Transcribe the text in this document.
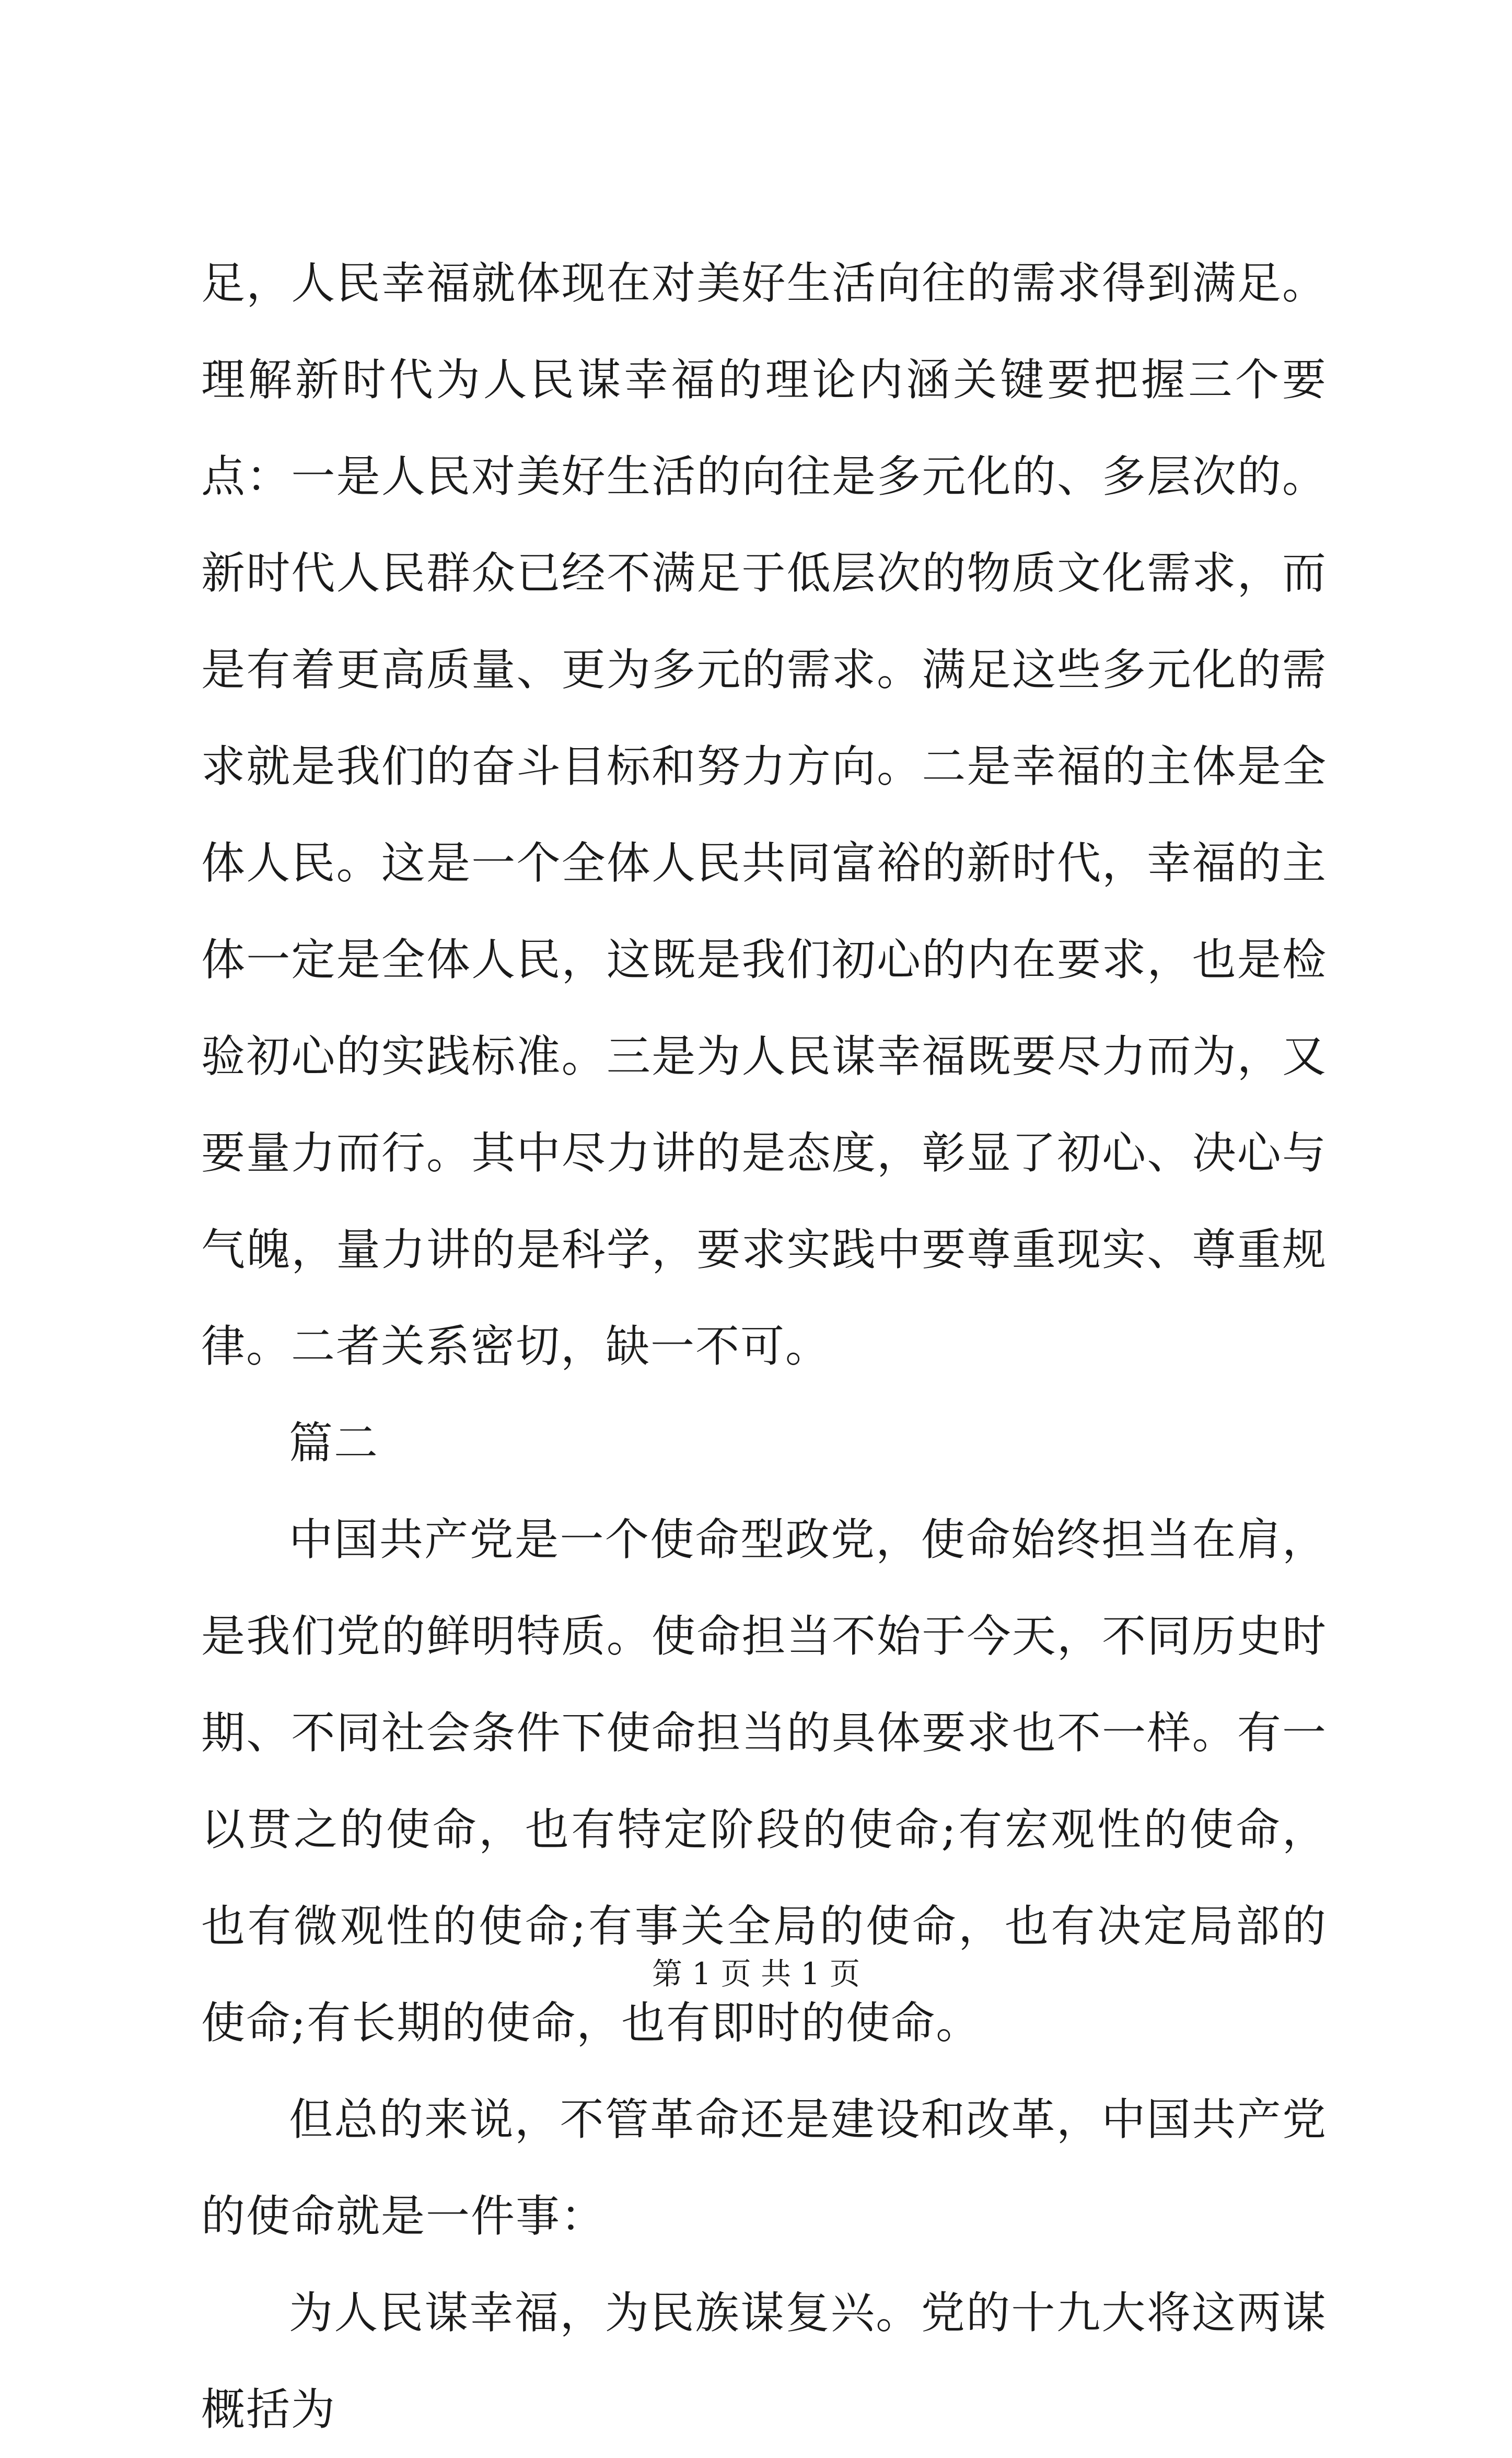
足，人民幸福就体现在对美好生活向往的需求得到满足。理解新时代为人民谋幸福的理论内涵关键要把握三个要点：一是人民对美好生活的向往是多元化的、多层次的。新时代人民群众已经不满足于低层次的物质文化需求，而是有着更高质量、更为多元的需求。满足这些多元化的需求就是我们的奋斗目标和努力方向。二是幸福的主体是全体人民。这是一个全体人民共同富裕的新时代，幸福的主体一定是全体人民，这既是我们初心的内在要求，也是检验初心的实践标准。三是为人民谋幸福既要尽力而为，又要量力而行。其中尽力讲的是态度，彰显了初心、决心与气魄，量力讲的是科学，要求实践中要尊重现实、尊重规律。二者关系密切，缺一不可。

篇二

中国共产党是一个使命型政党，使命始终担当在肩，是我们党的鲜明特质。使命担当不始于今天，不同历史时期、不同社会条件下使命担当的具体要求也不一样。有一以贯之的使命，也有特定阶段的使命;有宏观性的使命，也有微观性的使命;有事关全局的使命，也有决定局部的使命;有长期的使命，也有即时的使命。

但总的来说，不管革命还是建设和改革，中国共产党的使命就是一件事：

为人民谋幸福，为民族谋复兴。党的十九大将这两谋概括为

第 1 页 共 1 页
